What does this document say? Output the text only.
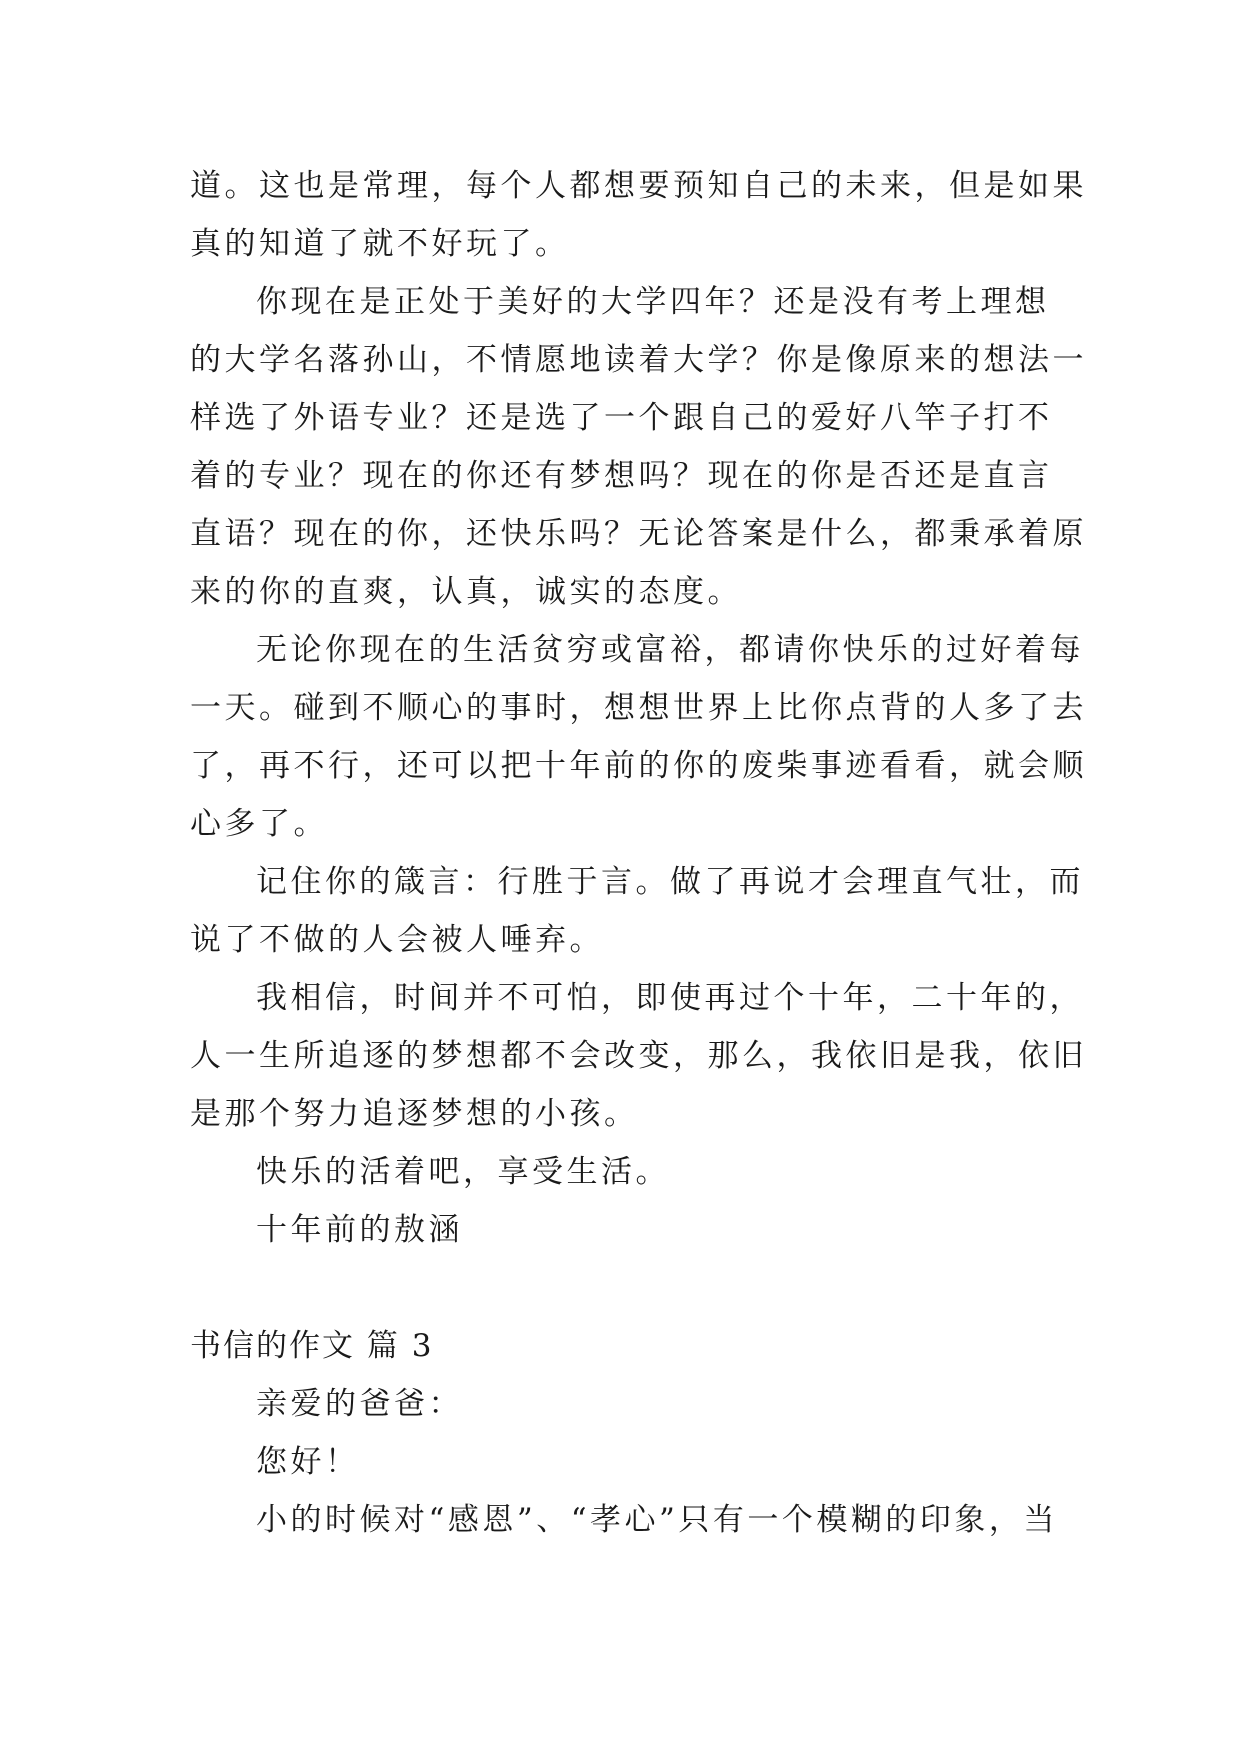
道。这也是常理，每个人都想要预知自己的未来，但是如果
真的知道了就不好玩了。
你现在是正处于美好的大学四年？还是没有考上理想
的大学名落孙山，不情愿地读着大学？你是像原来的想法一
样选了外语专业？还是选了一个跟自己的爱好八竿子打不
着的专业？现在的你还有梦想吗？现在的你是否还是直言
直语？现在的你，还快乐吗？无论答案是什么，都秉承着原
来的你的直爽，认真，诚实的态度。
无论你现在的生活贫穷或富裕，都请你快乐的过好着每
一天。碰到不顺心的事时，想想世界上比你点背的人多了去
了，再不行，还可以把十年前的你的废柴事迹看看，就会顺
心多了。
记住你的箴言：行胜于言。做了再说才会理直气壮，而
说了不做的人会被人唾弃。
我相信，时间并不可怕，即使再过个十年，二十年的，
人一生所追逐的梦想都不会改变，那么，我依旧是我，依旧
是那个努力追逐梦想的小孩。
快乐的活着吧，享受生活。
十年前的敖涵
书信的作文 篇 3
亲爱的爸爸：
您好！
小的时候对“感恩”、“孝心”只有一个模糊的印象，当
